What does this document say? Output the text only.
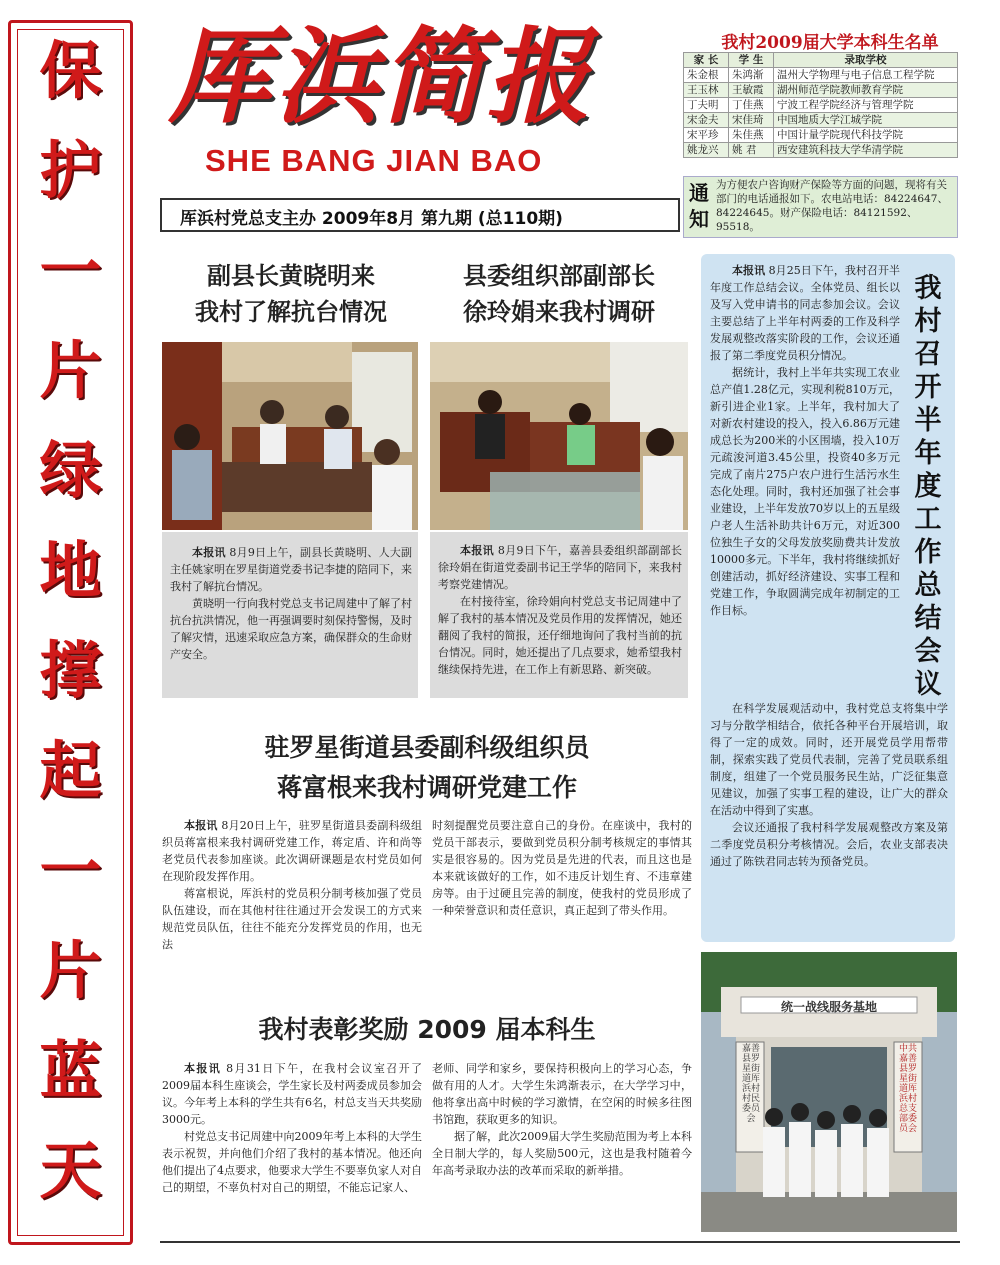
保
护
一
片
绿
地
撑
起
一
片
蓝
天
厍浜简报
SHE BANG JIAN BAO
厍浜村党总支主办 2009年8月 第九期 (总110期)
我村2009届大学本科生名单
家 长	学 生	录取学校
朱金根	朱鸿渐	温州大学物理与电子信息工程学院
王玉林	王敏霞	湖州师范学院教师教育学院
丁夫明	丁佳燕	宁波工程学院经济与管理学院
宋金夫	宋佳琦	中国地质大学江城学院
宋平珍	朱佳燕	中国计量学院现代科技学院
姚龙兴	姚 君	西安建筑科技大学华清学院
通知
为方便农户咨询财产保险等方面的问题，现将有关部门的电话通报如下。农电站电话：84224647、84224645。财产保险电话：84121592、95518。
副县长黄晓明来
我村了解抗台情况

本报讯 8月9日上午，副县长黄晓明、人大副主任姚家明在罗星街道党委书记李捷的陪同下，来我村了解抗台情况。

黄晓明一行向我村党总支书记周建中了解了村抗台抗洪情况，他一再强调要时刻保持警惕，及时了解灾情，迅速采取应急方案，确保群众的生命财产安全。

县委组织部副部长
徐玲娟来我村调研

本报讯 8月9日下午，嘉善县委组织部副部长徐玲娟在街道党委副书记王学华的陪同下，来我村考察党建情况。

在村接待室，徐玲娟向村党总支书记周建中了解了我村的基本情况及党员作用的发挥情况，她还翻阅了我村的简报，还仔细地询问了我村当前的抗台情况。同时，她还提出了几点要求，她希望我村继续保持先进，在工作上有新思路、新突破。

驻罗星街道县委副科级组织员
蒋富根来我村调研党建工作

本报讯 8月20日上午，驻罗星街道县委副科级组织员蒋富根来我村调研党建工作，蒋定盾、许和尚等老党员代表参加座谈。此次调研课题是农村党员如何在现阶段发挥作用。

蒋富根说，厍浜村的党员积分制考核加强了党员队伍建设，而在其他村往往通过开会发误工的方式来规范党员队伍，往往不能充分发挥党员的作用，也无法

时刻提醒党员要注意自己的身份。在座谈中，我村的党员干部表示，要做到党员积分制考核规定的事情其实是很容易的。因为党员是先进的代表，而且这也是本来就该做好的工作，如不违反计划生育、不违章建房等。由于过硬且完善的制度，使我村的党员形成了一种荣誉意识和责任意识，真正起到了带头作用。

我村表彰奖励 2009 届本科生

本报讯 8月31日下午，在我村会议室召开了2009届本科生座谈会，学生家长及村两委成员参加会议。今年考上本科的学生共有6名，村总支当天共奖励3000元。

村党总支书记周建中向2009年考上本科的大学生表示祝贺，并向他们介绍了我村的基本情况。他还向他们提出了4点要求，他要求大学生不要辜负家人对自己的期望，不辜负村对自己的期望，不能忘记家人、

老师、同学和家乡，要保持积极向上的学习心态，争做有用的人才。大学生朱鸿渐表示，在大学学习中，他将拿出高中时候的学习激情，在空闲的时候多往图书馆跑，获取更多的知识。

据了解，此次2009届大学生奖励范围为考上本科全日制大学的，每人奖励500元，这也是我村随着今年高考录取办法的改革而采取的新举措。

我村召开半年度工作总结会议

本报讯 8月25日下午，我村召开半年度工作总结会议。全体党员、组长以及写入党申请书的同志参加会议。会议主要总结了上半年村两委的工作及科学发展观整改落实阶段的工作，会议还通报了第二季度党员积分情况。

据统计，我村上半年共实现工农业总产值1.28亿元，实现利税810万元，新引进企业1家。上半年，我村加大了对新农村建设的投入，投入6.86万元建成总长为200米的小区围墙，投入10万元疏浚河道3.45公里，投资40多万元完成了南片275户农户进行生活污水生态化处理。同时，我村还加强了社会事业建设，上半年发放70岁以上的五星级户老人生活补助共计6万元，对近300位独生子女的父母发放奖励费共计发放10000多元。下半年，我村将继续抓好创建活动，抓好经济建设、实事工程和党建工作，争取圆满完成年初制定的工作目标。

在科学发展观活动中，我村党总支将集中学习与分散学相结合，依托各种平台开展培训，取得了一定的成效。同时，还开展党员学用帮带制，探索实践了党员代表制，完善了党员联系组制度，组建了一个党员服务民生站，广泛征集意见建议，加强了实事工程的建设，让广大的群众在活动中得到了实惠。

会议还通报了我村科学发展观整改方案及第二季度党员积分考核情况。会后，农业支部表决通过了陈铁君同志转为预备党员。

统一战线服务基地
嘉善县罗星街道厍浜村村民委员会
中共嘉善县罗星街道厍浜村总支部委员会
